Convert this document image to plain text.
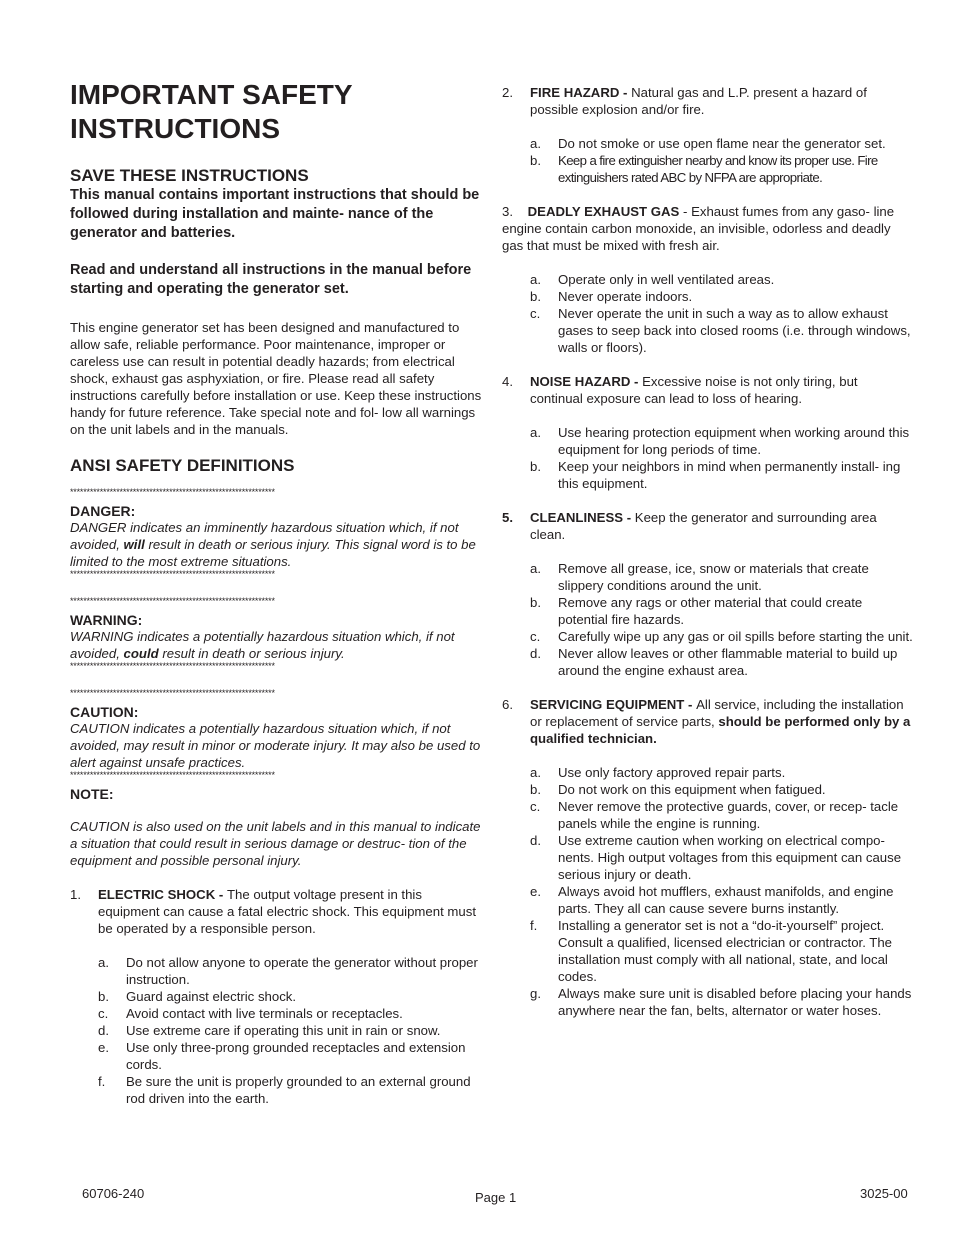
IMPORTANT SAFETY
INSTRUCTIONS

SAVE THESE INSTRUCTIONS

This manual contains important instructions that should be followed during installation and mainte- nance of the generator and batteries.

Read and understand all instructions in the manual before starting and operating the generator set.

This engine generator set has been designed and manufactured to allow safe, reliable performance. Poor maintenance, improper or careless use can result in potential deadly hazards; from electrical shock, exhaust gas asphyxiation, or fire. Please read all safety instructions carefully before installation or use. Keep these instructions handy for future reference. Take special note and fol- low all warnings on the unit labels and in the manuals.

ANSI SAFETY DEFINITIONS

**************************************************************

DANGER:

DANGER indicates an imminently hazardous situation which, if not avoided, will result in death or serious injury. This signal word is to be limited to the most extreme situations.

**************************************************************

**************************************************************

WARNING:

WARNING indicates a potentially hazardous situation which, if not avoided, could result in death or serious injury.

**************************************************************

**************************************************************

CAUTION:

CAUTION indicates a potentially hazardous situation which, if not avoided, may result in minor or moderate injury. It may also be used to alert against unsafe practices.

**************************************************************

NOTE:

CAUTION is also used on the unit labels and in this manual to indicate a situation that could result in serious damage or destruc- tion of the equipment and possible personal injury.

1. ELECTRIC SHOCK - The output voltage present in this equipment can cause a fatal electric shock. This equipment must be operated by a responsible person.
a. Do not allow anyone to operate the generator without proper instruction.
b. Guard against electric shock.
c. Avoid contact with live terminals or receptacles.
d. Use extreme care if operating this unit in rain or snow.
e. Use only three-prong grounded receptacles and extension cords.
f. Be sure the unit is properly grounded to an external ground rod driven into the earth.
2. FIRE HAZARD - Natural gas and L.P. present a hazard of possible explosion and/or fire.
a. Do not smoke or use open flame near the generator set.
b. Keep a fire extinguisher nearby and know its proper use. Fire extinguishers rated ABC by NFPA are appropriate.
3. DEADLY EXHAUST GAS - Exhaust fumes from any gaso- line engine contain carbon monoxide, an invisible, odorless and deadly gas that must be mixed with fresh air.
a. Operate only in well ventilated areas.
b. Never operate indoors.
c. Never operate the unit in such a way as to allow exhaust gases to seep back into closed rooms (i.e. through windows, walls or floors).
4. NOISE HAZARD - Excessive noise is not only tiring, but continual exposure can lead to loss of hearing.
a. Use hearing protection equipment when working around this equipment for long periods of time.
b. Keep your neighbors in mind when permanently install- ing this equipment.
5. CLEANLINESS - Keep the generator and surrounding area clean.
a. Remove all grease, ice, snow or materials that create slippery conditions around the unit.
b. Remove any rags or other material that could create potential fire hazards.
c. Carefully wipe up any gas or oil spills before starting the unit.
d. Never allow leaves or other flammable material to build up around the engine exhaust area.
6. SERVICING EQUIPMENT - All service, including the installation or replacement of service parts, should be performed only by a qualified technician.
a. Use only factory approved repair parts.
b. Do not work on this equipment when fatigued.
c. Never remove the protective guards, cover, or recep- tacle panels while the engine is running.
d. Use extreme caution when working on electrical compo- nents. High output voltages from this equipment can cause serious injury or death.
e. Always avoid hot mufflers, exhaust manifolds, and engine parts. They all can cause severe burns instantly.
f. Installing a generator set is not a “do-it-yourself” project. Consult a qualified, licensed electrician or contractor. The installation must comply with all national, state, and local codes.
g. Always make sure unit is disabled before placing your hands anywhere near the fan, belts, alternator or water hoses.
60706-240	Page 1	3025-00
